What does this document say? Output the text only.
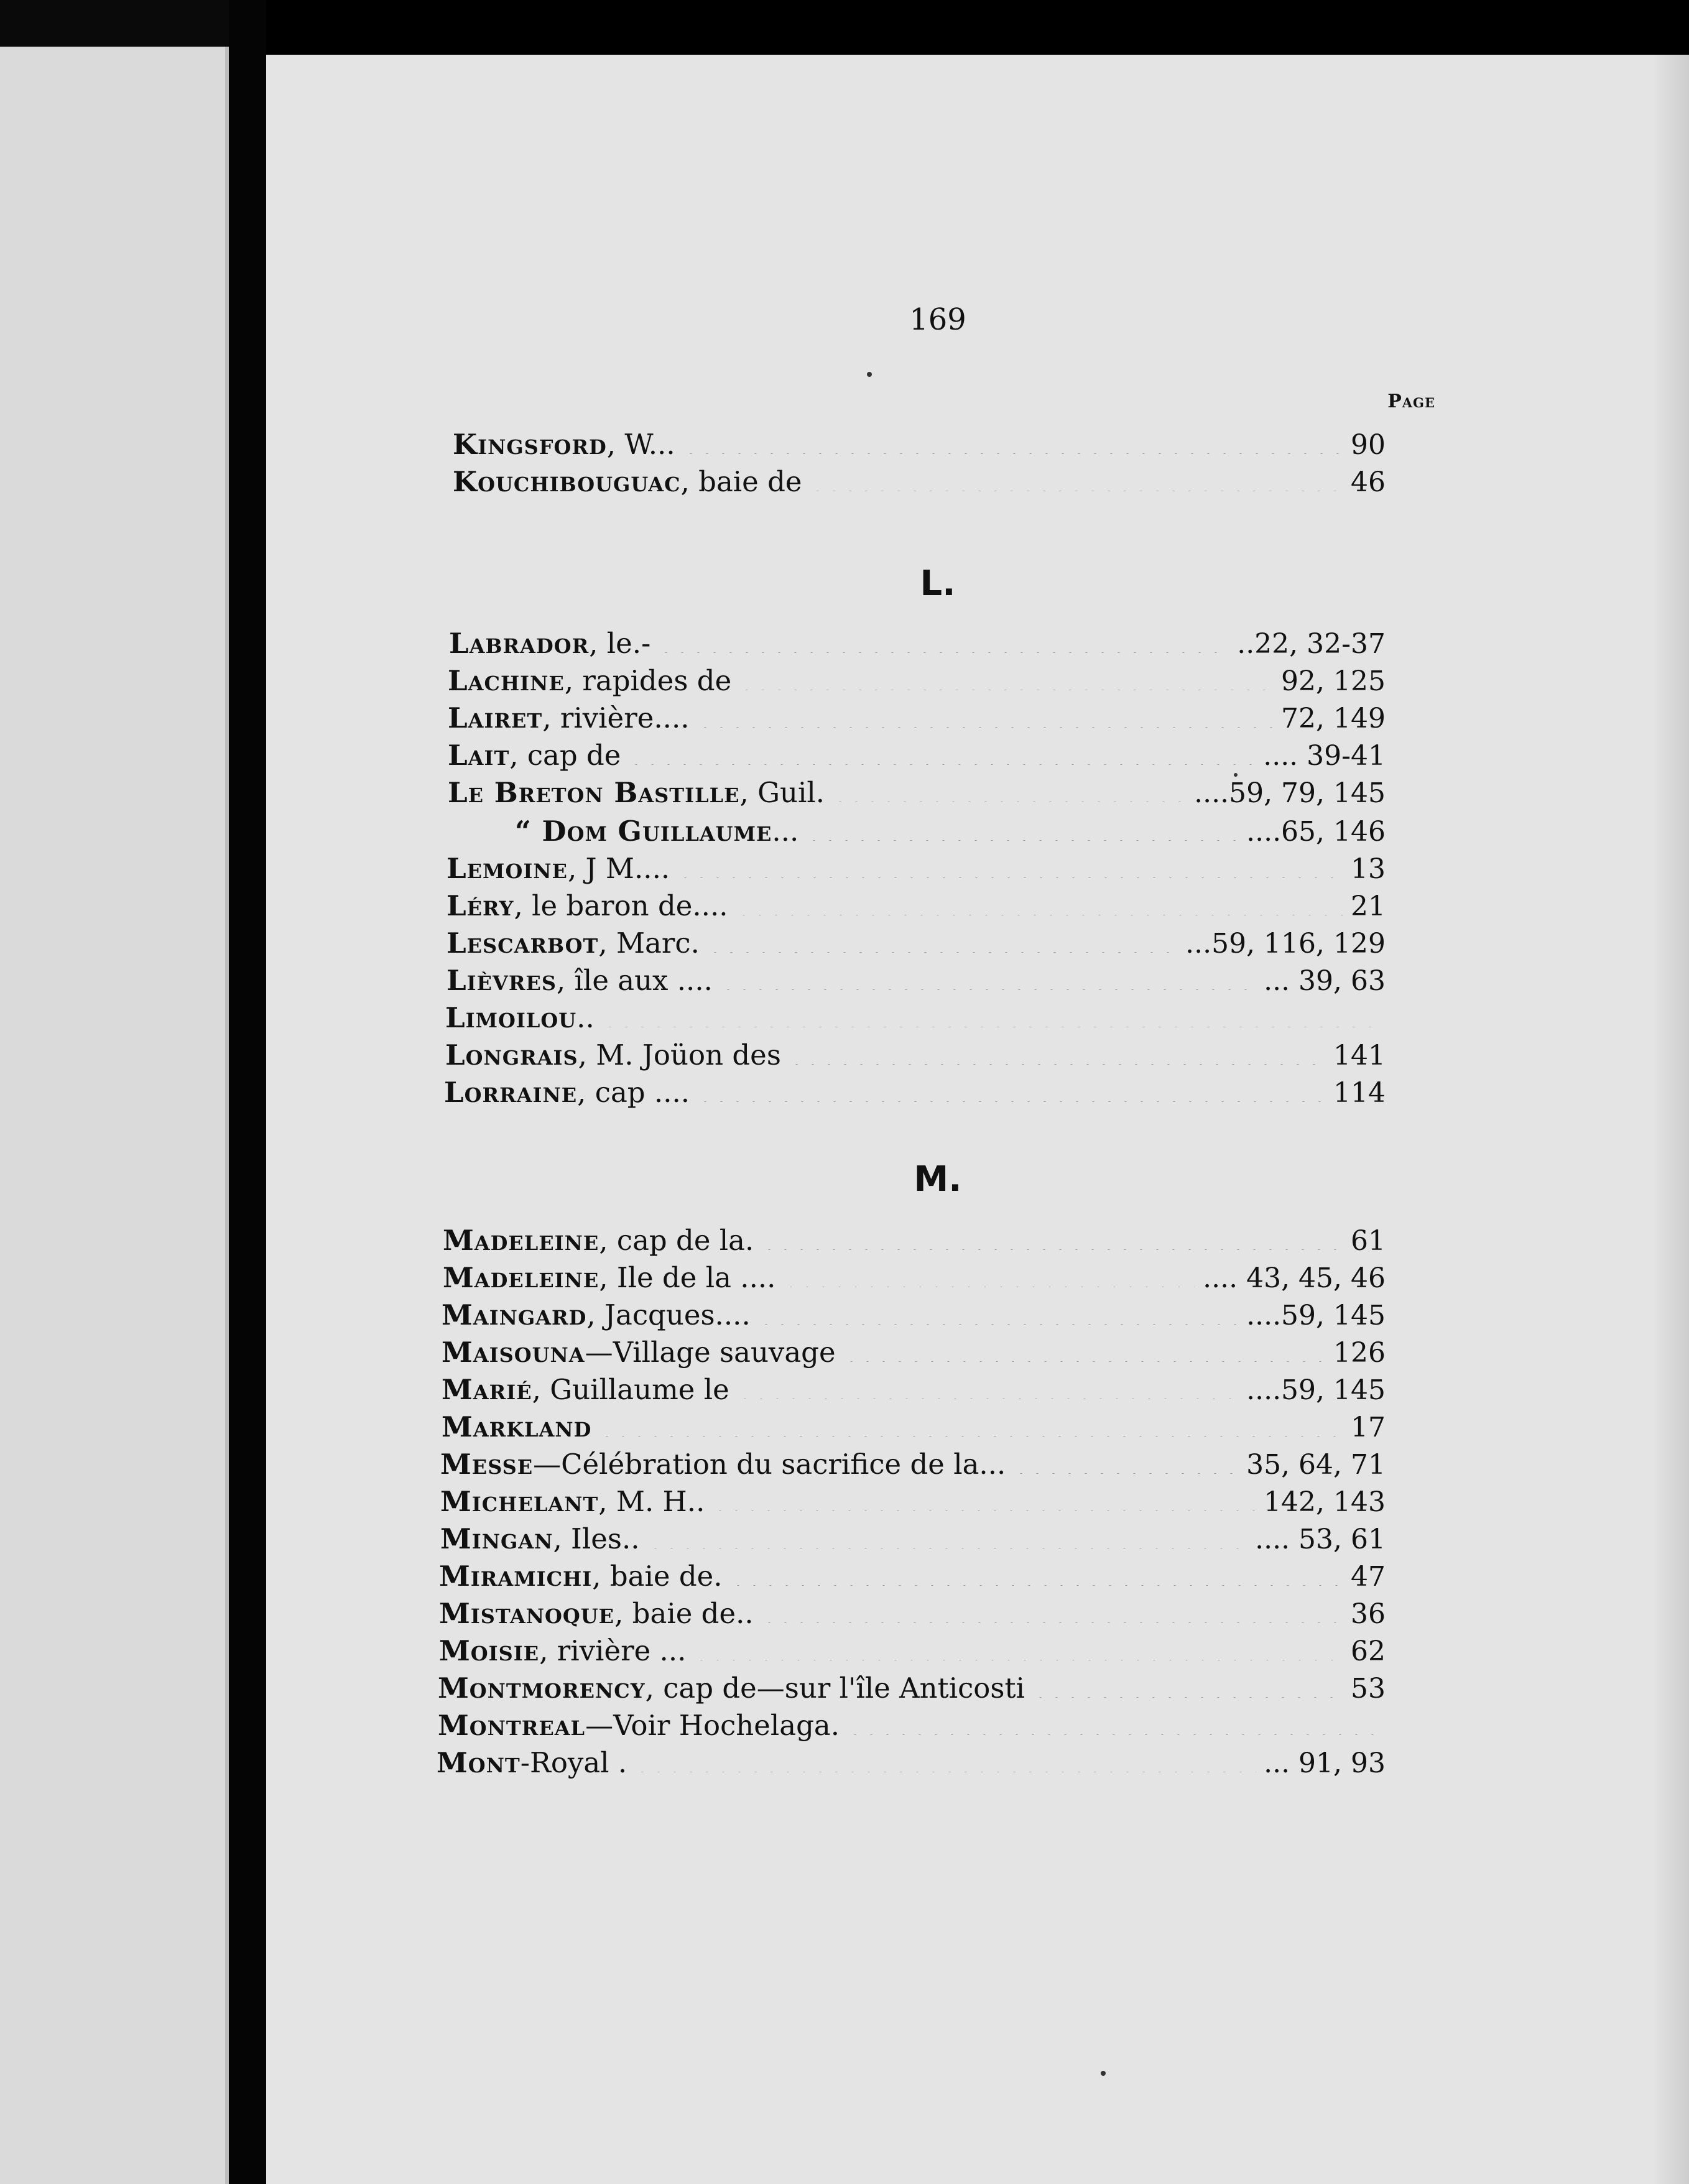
169
Page
L.
M.
Kingsford, W...	90
Kouchibouguac, baie de	46
Labrador, le.-	..22, 32-37
Lachine, rapides de	92, 125
Lairet, rivière....	72, 149
Lait, cap de	.... 39-41
Le Breton Bastille, Guil.	....59, 79, 145
“ Dom Guillaume...	....65, 146
Lemoine, J M....	13
Léry, le baron de....	21
Lescarbot, Marc.	...59, 116, 129
Lièvres, île aux ....	... 39, 63
Limoilou..
Longrais, M. Joüon des	141
Lorraine, cap ....	114
Madeleine, cap de la.	61
Madeleine, Ile de la ....	.... 43, 45, 46
Maingard, Jacques....	....59, 145
Maisouna—Village sauvage	126
Marié, Guillaume le	....59, 145
Markland	17
Messe—Célébration du sacrifice de la...	35, 64, 71
Michelant, M. H..	142, 143
Mingan, Iles..	.... 53, 61
Miramichi, baie de.	47
Mistanoque, baie de..	36
Moisie, rivière ...	62
Montmorency, cap de—sur l'île Anticosti	53
Montreal—Voir Hochelaga.
Mont-Royal .	... 91, 93
